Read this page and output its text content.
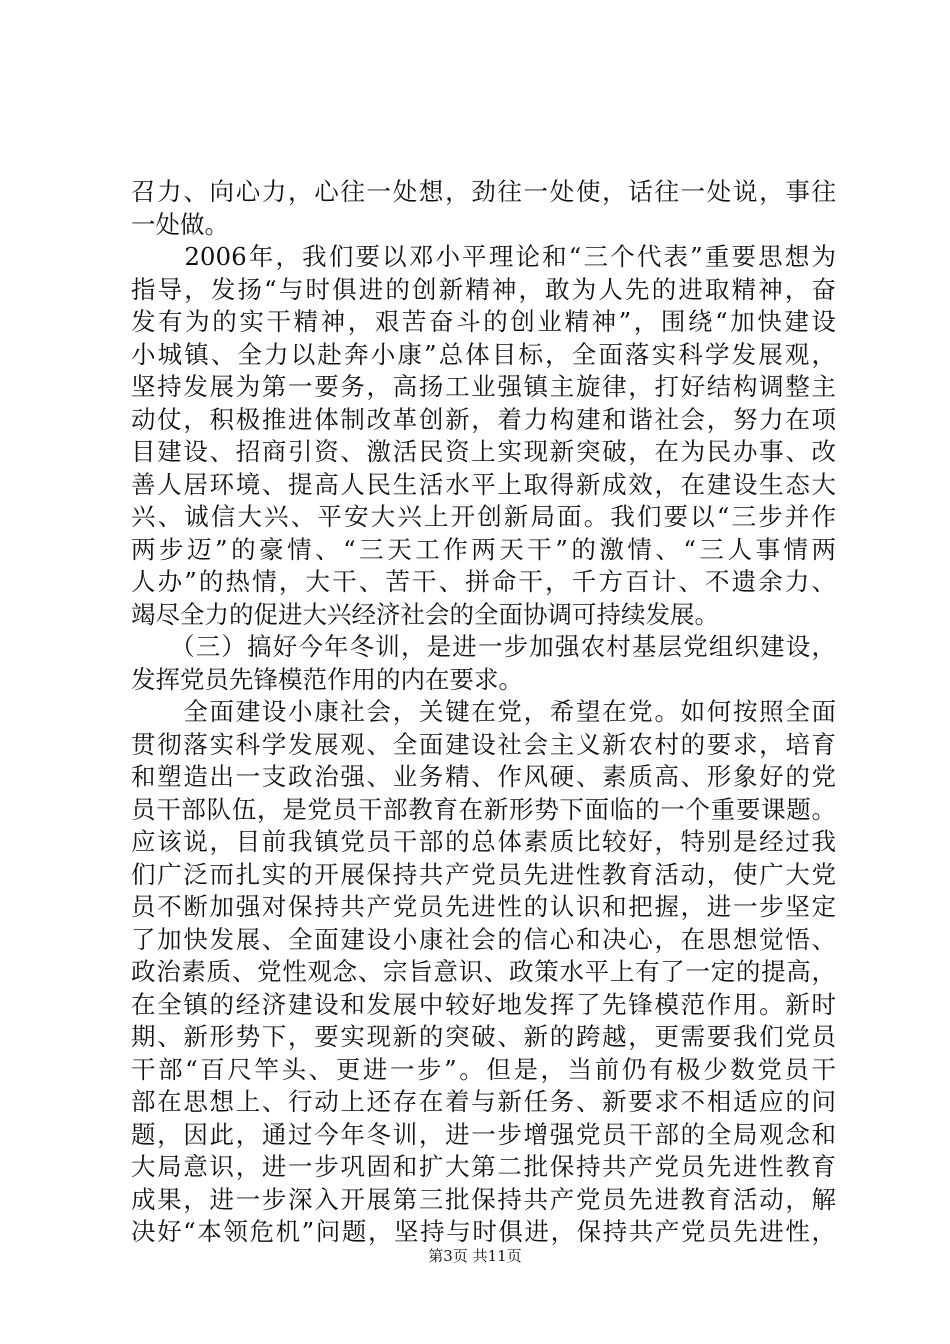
召力、向心力，心往一处想，劲往一处使，话往一处说，事往
一处做。
　　2006年，我们要以邓小平理论和“三个代表”重要思想为
指导，发扬“与时俱进的创新精神，敢为人先的进取精神，奋
发有为的实干精神，艰苦奋斗的创业精神”，围绕“加快建设
小城镇、全力以赴奔小康”总体目标，全面落实科学发展观，
坚持发展为第一要务，高扬工业强镇主旋律，打好结构调整主
动仗，积极推进体制改革创新，着力构建和谐社会，努力在项
目建设、招商引资、激活民资上实现新突破，在为民办事、改
善人居环境、提高人民生活水平上取得新成效，在建设生态大
兴、诚信大兴、平安大兴上开创新局面。我们要以“三步并作
两步迈”的豪情、“三天工作两天干”的激情、“三人事情两
人办”的热情，大干、苦干、拼命干，千方百计、不遗余力、
竭尽全力的促进大兴经济社会的全面协调可持续发展。
　　（三）搞好今年冬训，是进一步加强农村基层党组织建设，
发挥党员先锋模范作用的内在要求。
　　全面建设小康社会，关键在党，希望在党。如何按照全面
贯彻落实科学发展观、全面建设社会主义新农村的要求，培育
和塑造出一支政治强、业务精、作风硬、素质高、形象好的党
员干部队伍，是党员干部教育在新形势下面临的一个重要课题。
应该说，目前我镇党员干部的总体素质比较好，特别是经过我
们广泛而扎实的开展保持共产党员先进性教育活动，使广大党
员不断加强对保持共产党员先进性的认识和把握，进一步坚定
了加快发展、全面建设小康社会的信心和决心，在思想觉悟、
政治素质、党性观念、宗旨意识、政策水平上有了一定的提高，
在全镇的经济建设和发展中较好地发挥了先锋模范作用。新时
期、新形势下，要实现新的突破、新的跨越，更需要我们党员
干部“百尺竿头、更进一步”。但是，当前仍有极少数党员干
部在思想上、行动上还存在着与新任务、新要求不相适应的问
题，因此，通过今年冬训，进一步增强党员干部的全局观念和
大局意识，进一步巩固和扩大第二批保持共产党员先进性教育
成果，进一步深入开展第三批保持共产党员先进教育活动，解
决好“本领危机”问题，坚持与时俱进，保持共产党员先进性，
第3页 共11页
